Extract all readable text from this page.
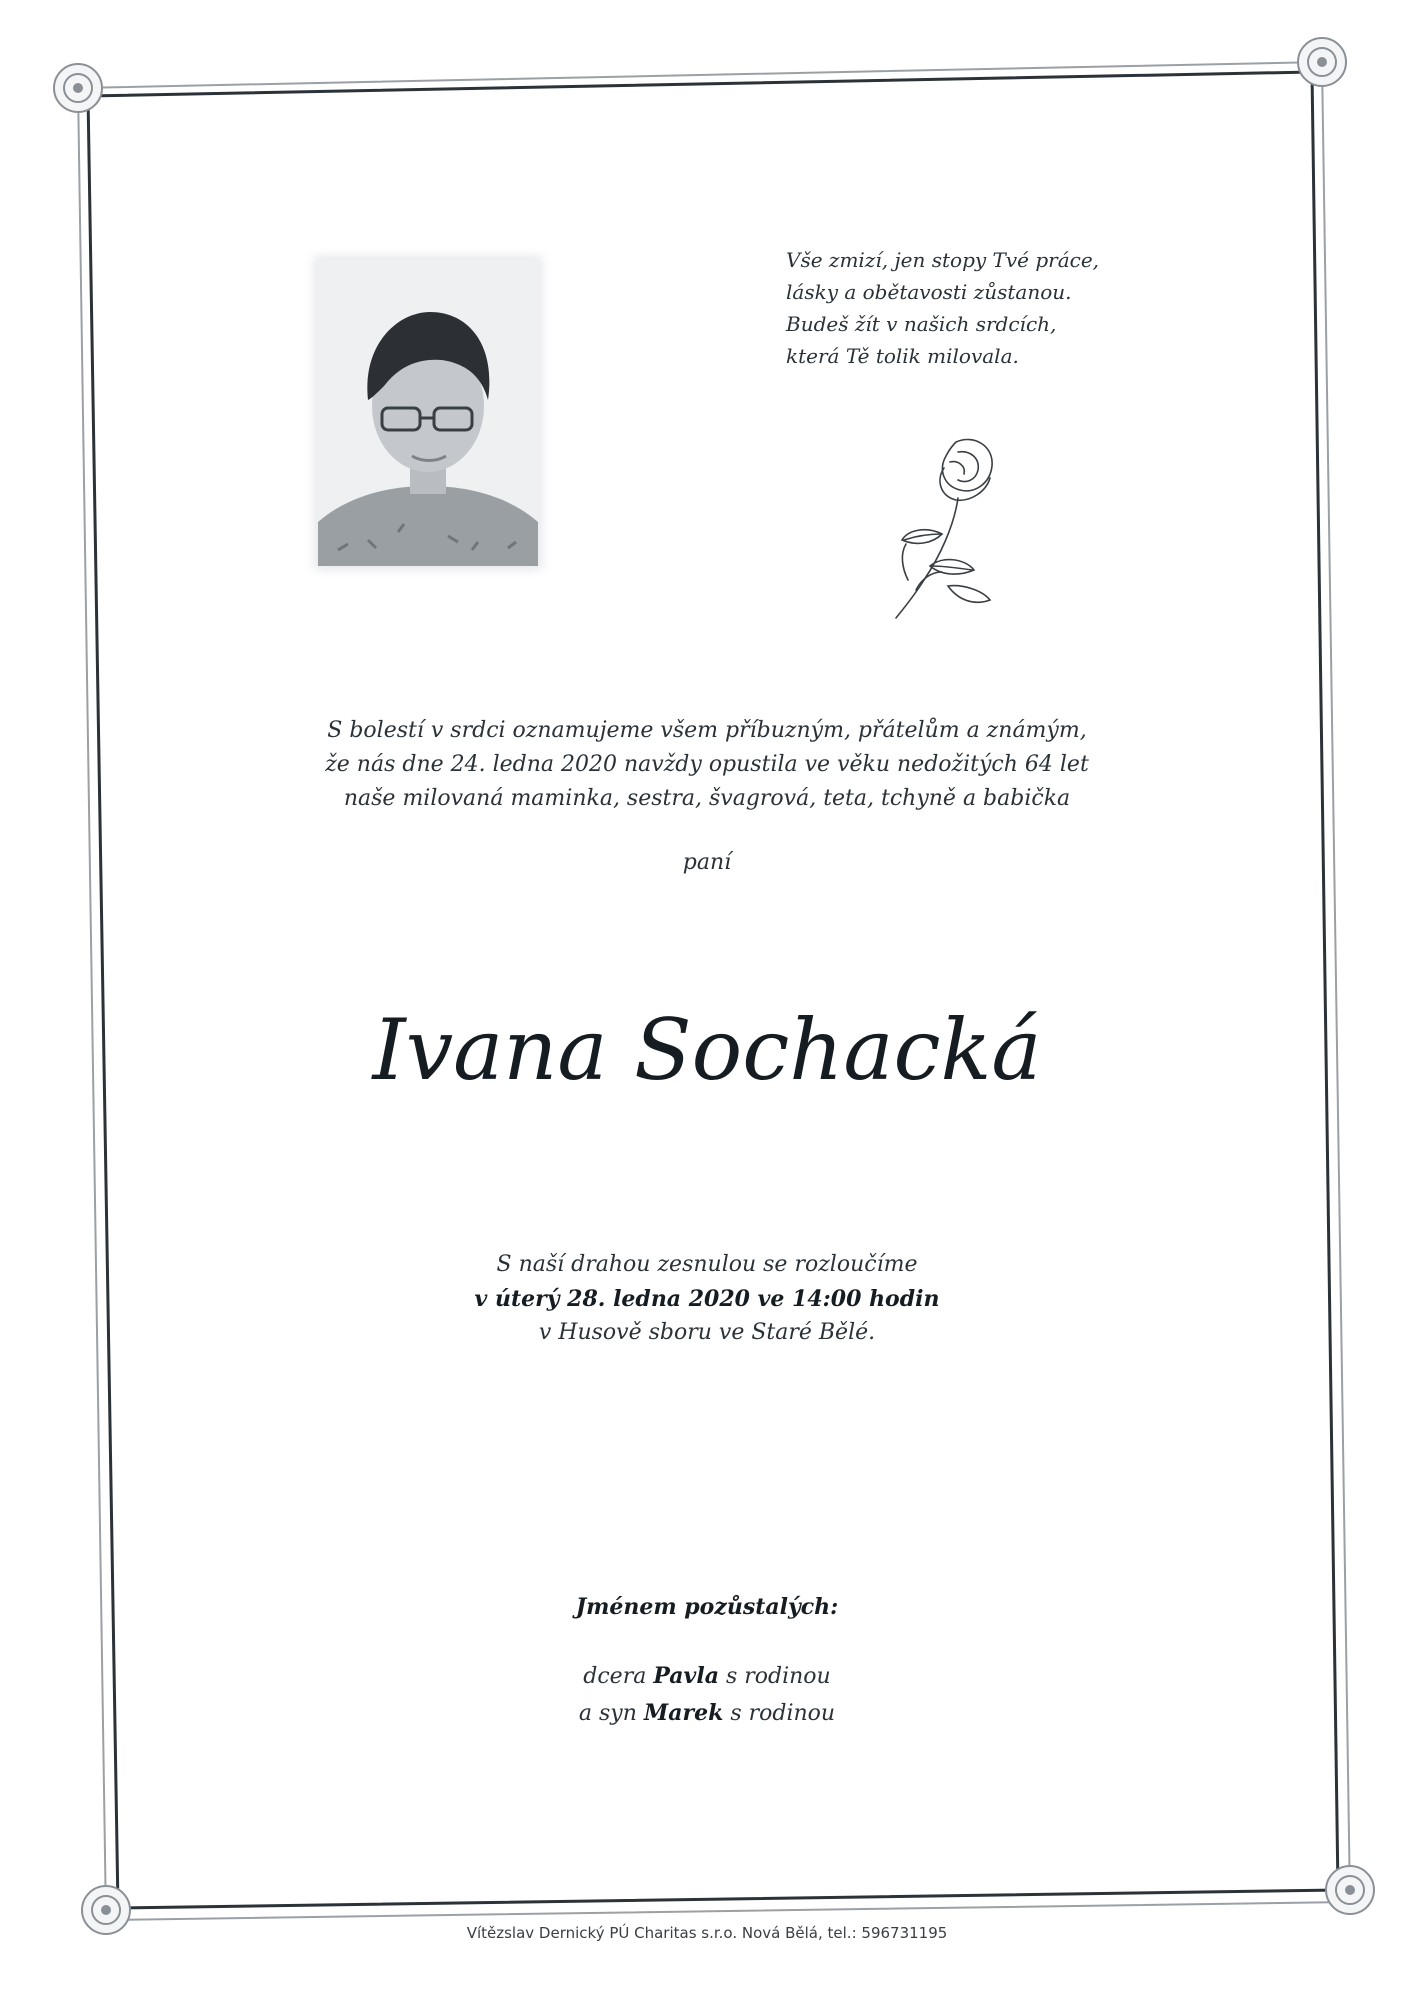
Vše zmizí, jen stopy Tvé práce,
lásky a obětavosti zůstanou.
Budeš žít v našich srdcích,
která Tě tolik milovala.
S bolestí v srdci oznamujeme všem příbuzným, přátelům a známým,
že nás dne 24. ledna 2020 navždy opustila ve věku nedožitých 64 let
naše milovaná maminka, sestra, švagrová, teta, tchyně a babička
paní
Ivana Sochacká
S naší drahou zesnulou se rozloučíme
v úterý 28. ledna 2020 ve 14:00 hodin
v Husově sboru ve Staré Bělé.
Jménem pozůstalých:
dcera Pavla s rodinou
a syn Marek s rodinou
Vítězslav Dernický PÚ Charitas s.r.o. Nová Bělá, tel.: 596731195
